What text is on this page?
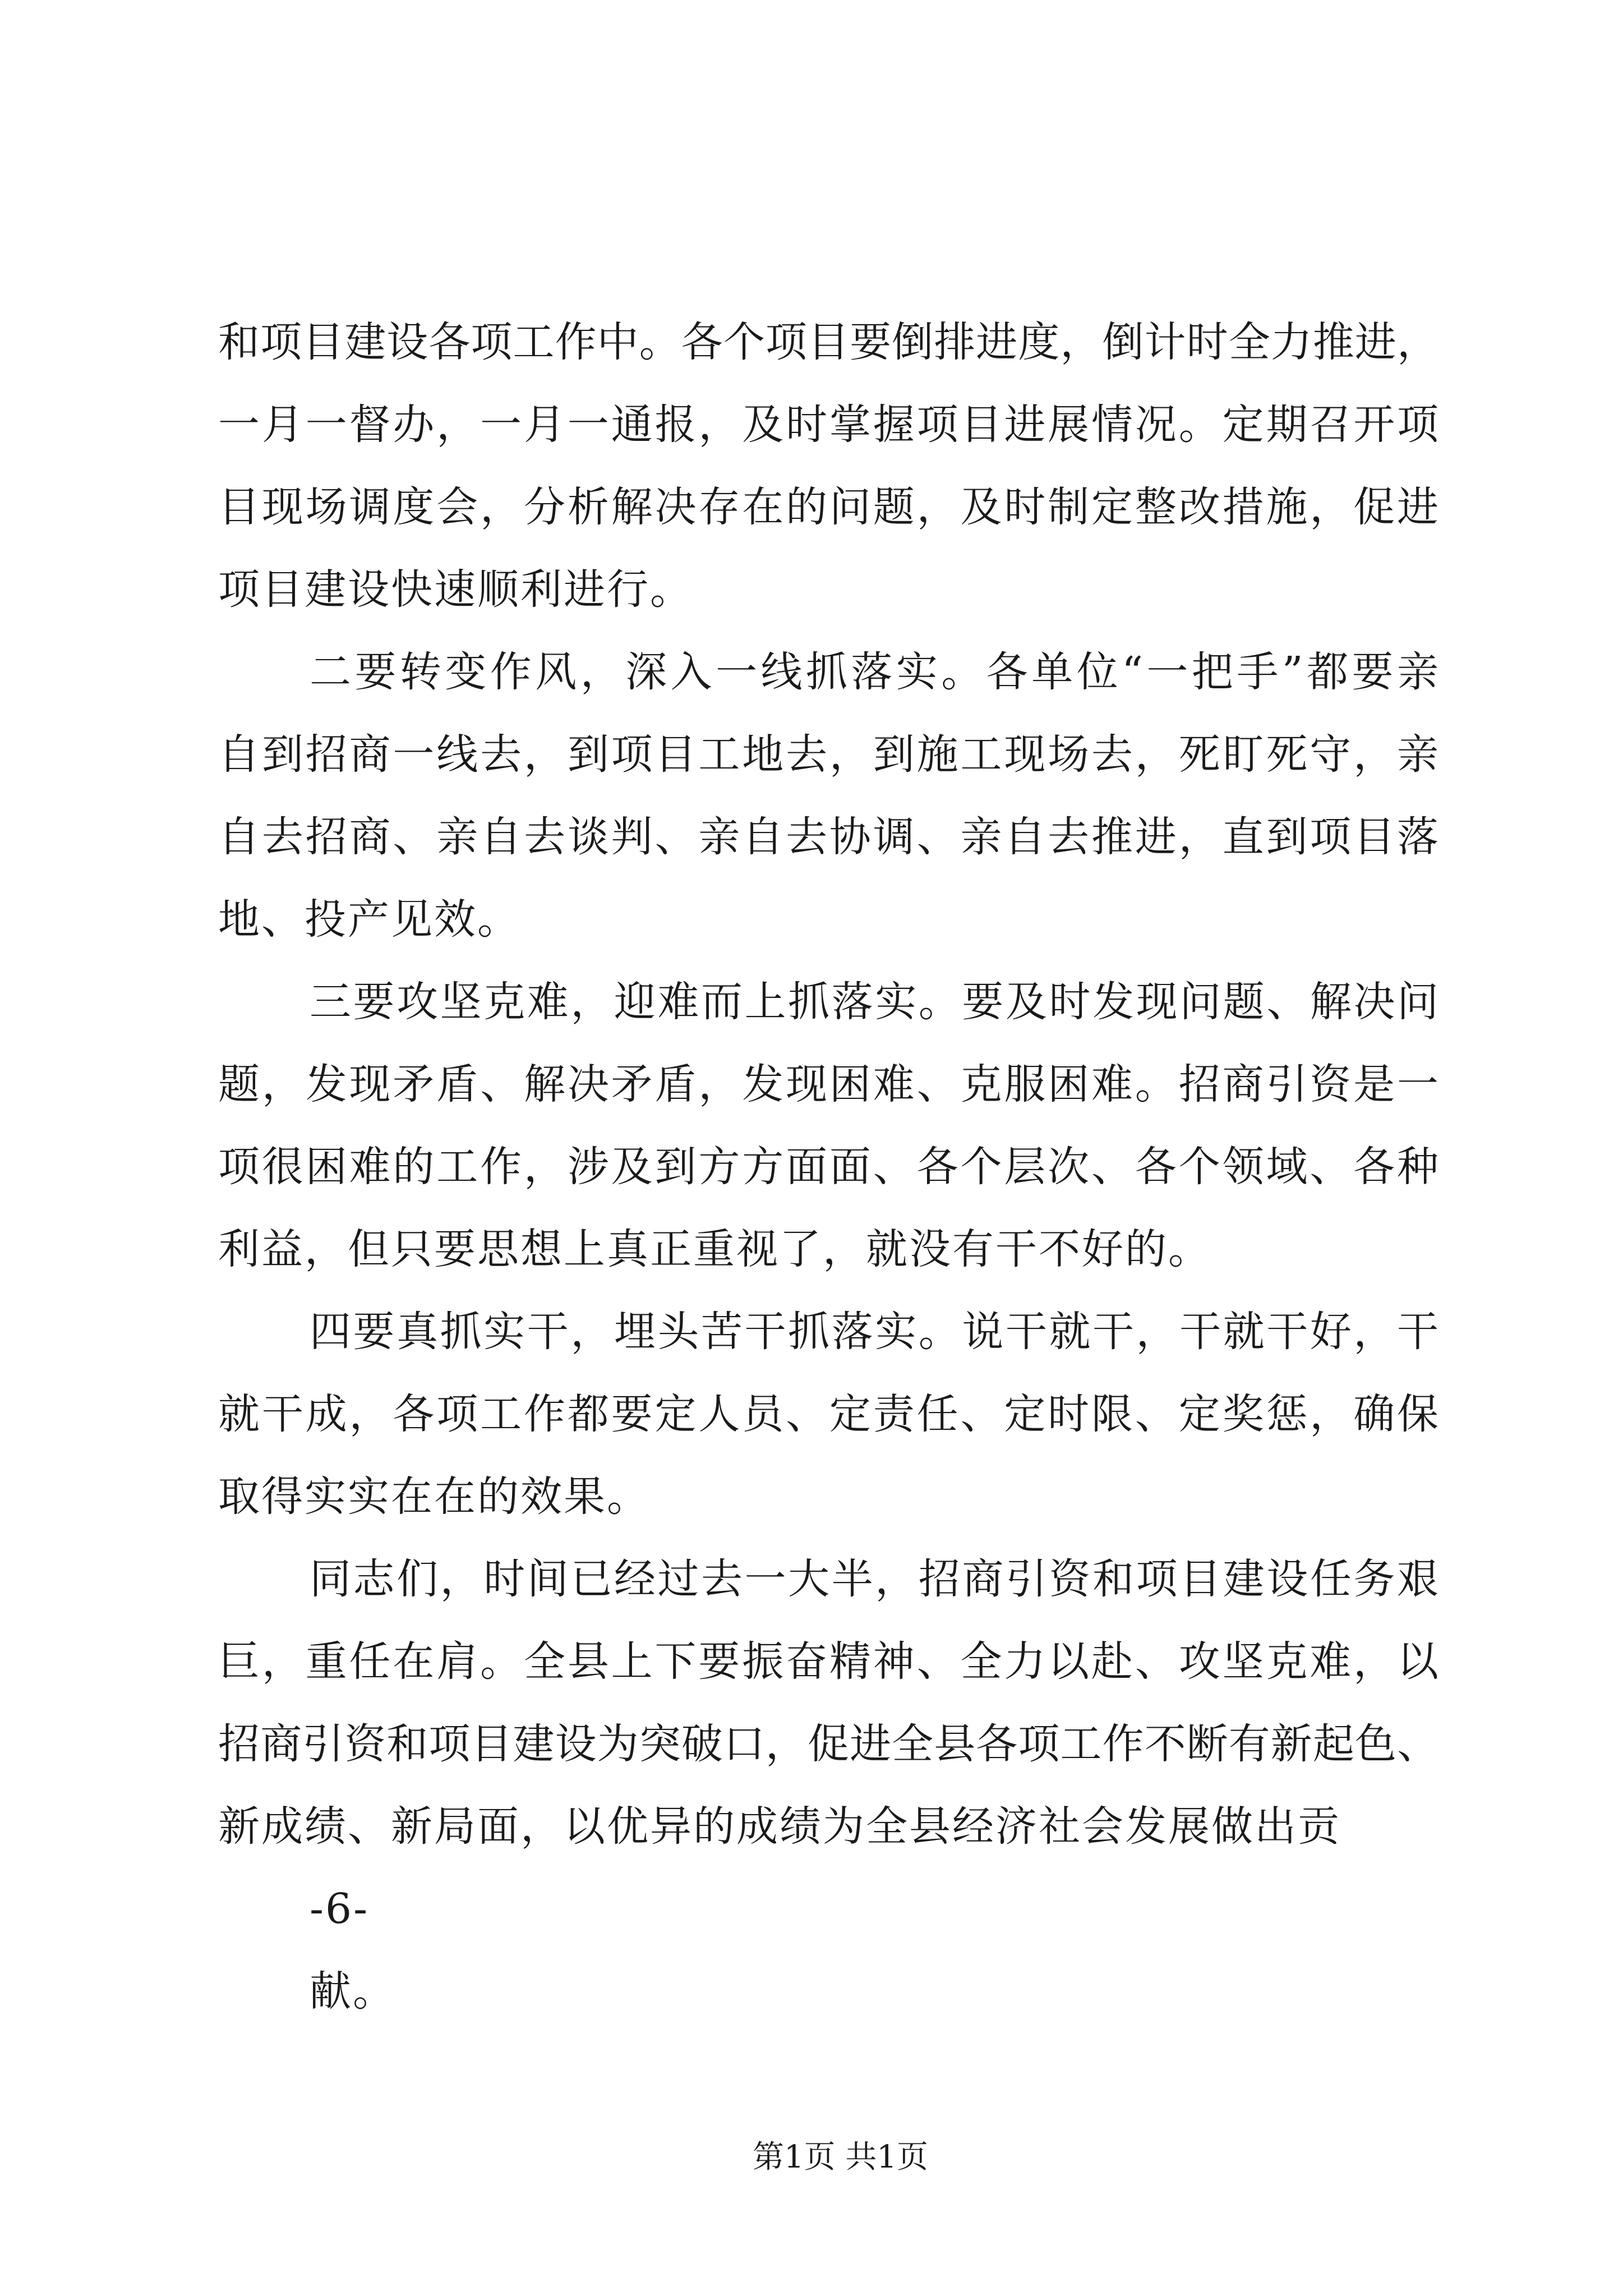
和项目建设各项工作中。各个项目要倒排进度，倒计时全力推进，
一月一督办，一月一通报，及时掌握项目进展情况。定期召开项
目现场调度会，分析解决存在的问题，及时制定整改措施，促进
项目建设快速顺利进行。
二要转变作风，深入一线抓落实。各单位“一把手”都要亲
自到招商一线去，到项目工地去，到施工现场去，死盯死守，亲
自去招商、亲自去谈判、亲自去协调、亲自去推进，直到项目落
地、投产见效。
三要攻坚克难，迎难而上抓落实。要及时发现问题、解决问
题，发现矛盾、解决矛盾，发现困难、克服困难。招商引资是一
项很困难的工作，涉及到方方面面、各个层次、各个领域、各种
利益，但只要思想上真正重视了，就没有干不好的。
四要真抓实干，埋头苦干抓落实。说干就干，干就干好，干
就干成，各项工作都要定人员、定责任、定时限、定奖惩，确保
取得实实在在的效果。
同志们，时间已经过去一大半，招商引资和项目建设任务艰
巨，重任在肩。全县上下要振奋精神、全力以赴、攻坚克难，以
招商引资和项目建设为突破口，促进全县各项工作不断有新起色、
新成绩、新局面，以优异的成绩为全县经济社会发展做出贡
-6-
献。
第1页 共1页
